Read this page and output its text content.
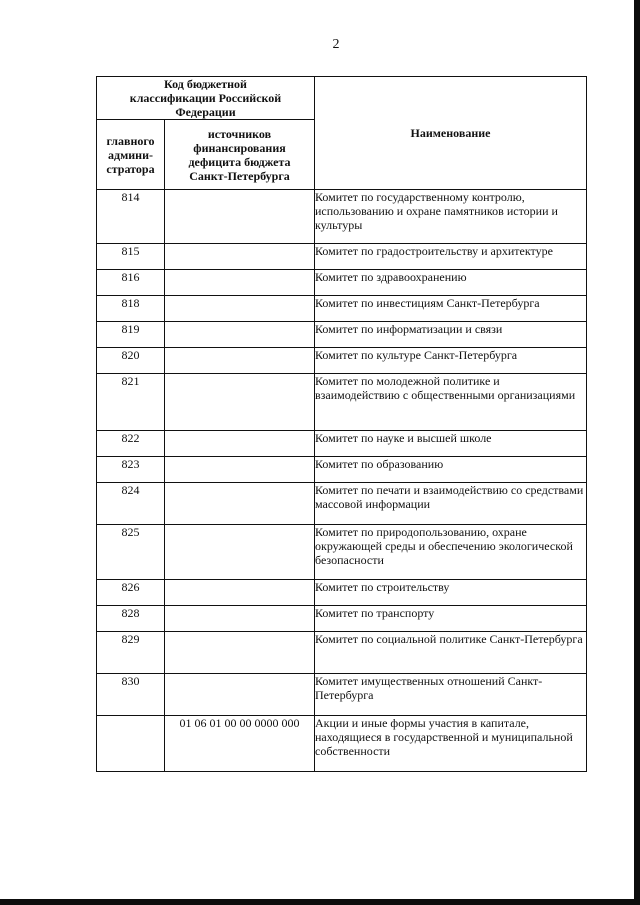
2
Код бюджетной классификации Российской Федерации		Наименование

главного админи- стратора	источников финансирования дефицита бюджета Санкт-Петербурга	

814		Комитет по государственному контролю, использованию и охране памятников истории и культуры
815		Комитет по градостроительству и архитектуре
816		Комитет по здравоохранению
818		Комитет по инвестициям Санкт-Петербурга
819		Комитет по информатизации и связи
820		Комитет по культуре Санкт-Петербурга
821		Комитет по молодежной политике и взаимодействию с общественными организациями
822		Комитет по науке и высшей школе
823		Комитет по образованию
824		Комитет по печати и взаимодействию со средствами массовой информации
825		Комитет по природопользованию, охране окружающей среды и обеспечению экологической безопасности
826		Комитет по строительству
828		Комитет по транспорту
829		Комитет по социальной политике Санкт-Петербурга
830		Комитет имущественных отношений Санкт-Петербурга
	01 06 01 00 00 0000 000	Акции и иные формы участия в капитале, находящиеся в государственной и муниципальной собственности
